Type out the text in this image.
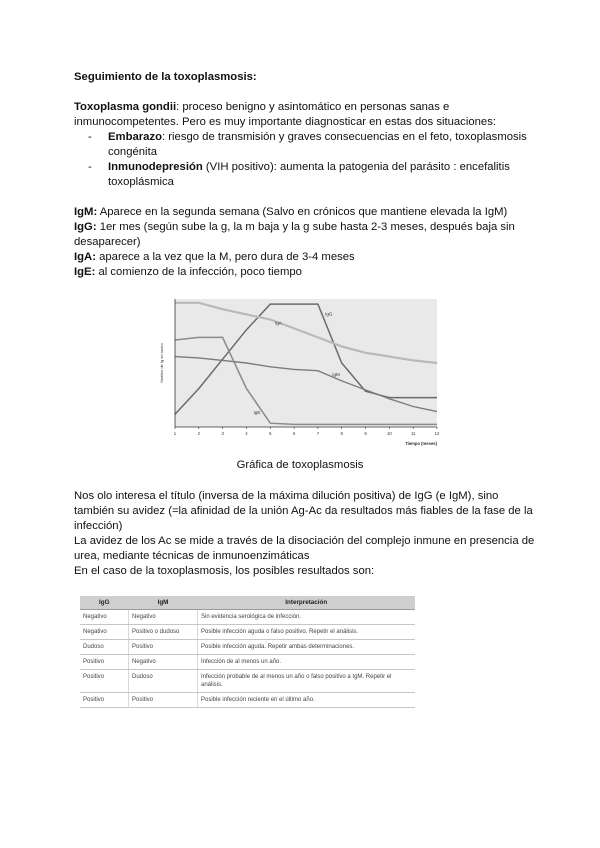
Seguimiento de la toxoplasmosis:
Toxoplasma gondii: proceso benigno y asintomático en personas sanas e
inmunocompetentes. Pero es muy importante diagnosticar en estas dos situaciones:
- Embarazo: riesgo de transmisión y graves consecuencias en el feto, toxoplasmosis congénita
- Inmunodepresión (VIH positivo): aumenta la patogenia del parásito : encefalitis toxoplásmica
IgM: Aparece en la segunda semana (Salvo en crónicos que mantiene elevada la IgM)
IgG: 1er mes (según sube la g, la m baja y la g sube hasta 2-3 meses, después baja sin desaparecer)
IgA: aparece a la vez que la M, pero dura de 3-4 meses
IgE: al comienzo de la infección, poco tiempo
IgG
IgA
IgM
IgE
1	2	3	4	5	6	7	8	9	10	11	12
Niveles de Ig en suero
Tiempo (meses)
Gráfica de toxoplasmosis
Nos olo interesa el título (inversa de la máxima dilución positiva) de IgG (e IgM), sino
también su avidez (=la afinidad de la unión Ag-Ac da resultados más fiables de la fase de la
infección)
La avidez de los Ac se mide a través de la disociación del complejo inmune en presencia de
urea, mediante técnicas de inmunoenzimáticas
En el caso de la toxoplasmosis, los posibles resultados son:
IgG	IgM	Interpretación
Negativo	Negativo	Sin evidencia serológica de infección.
Negativo	Positivo o dudoso	Posible infección aguda o falso positivo. Repetir el análisis.
Dudoso	Positivo	Posible infección aguda. Repetir ambas determinaciones.
Positivo	Negativo	Infección de al menos un año.
Positivo	Dudoso	Infección probable de al menos un año o falso positivo a IgM. Repetir el análisis.
Positivo	Positivo	Posible infección reciente en el último año.
